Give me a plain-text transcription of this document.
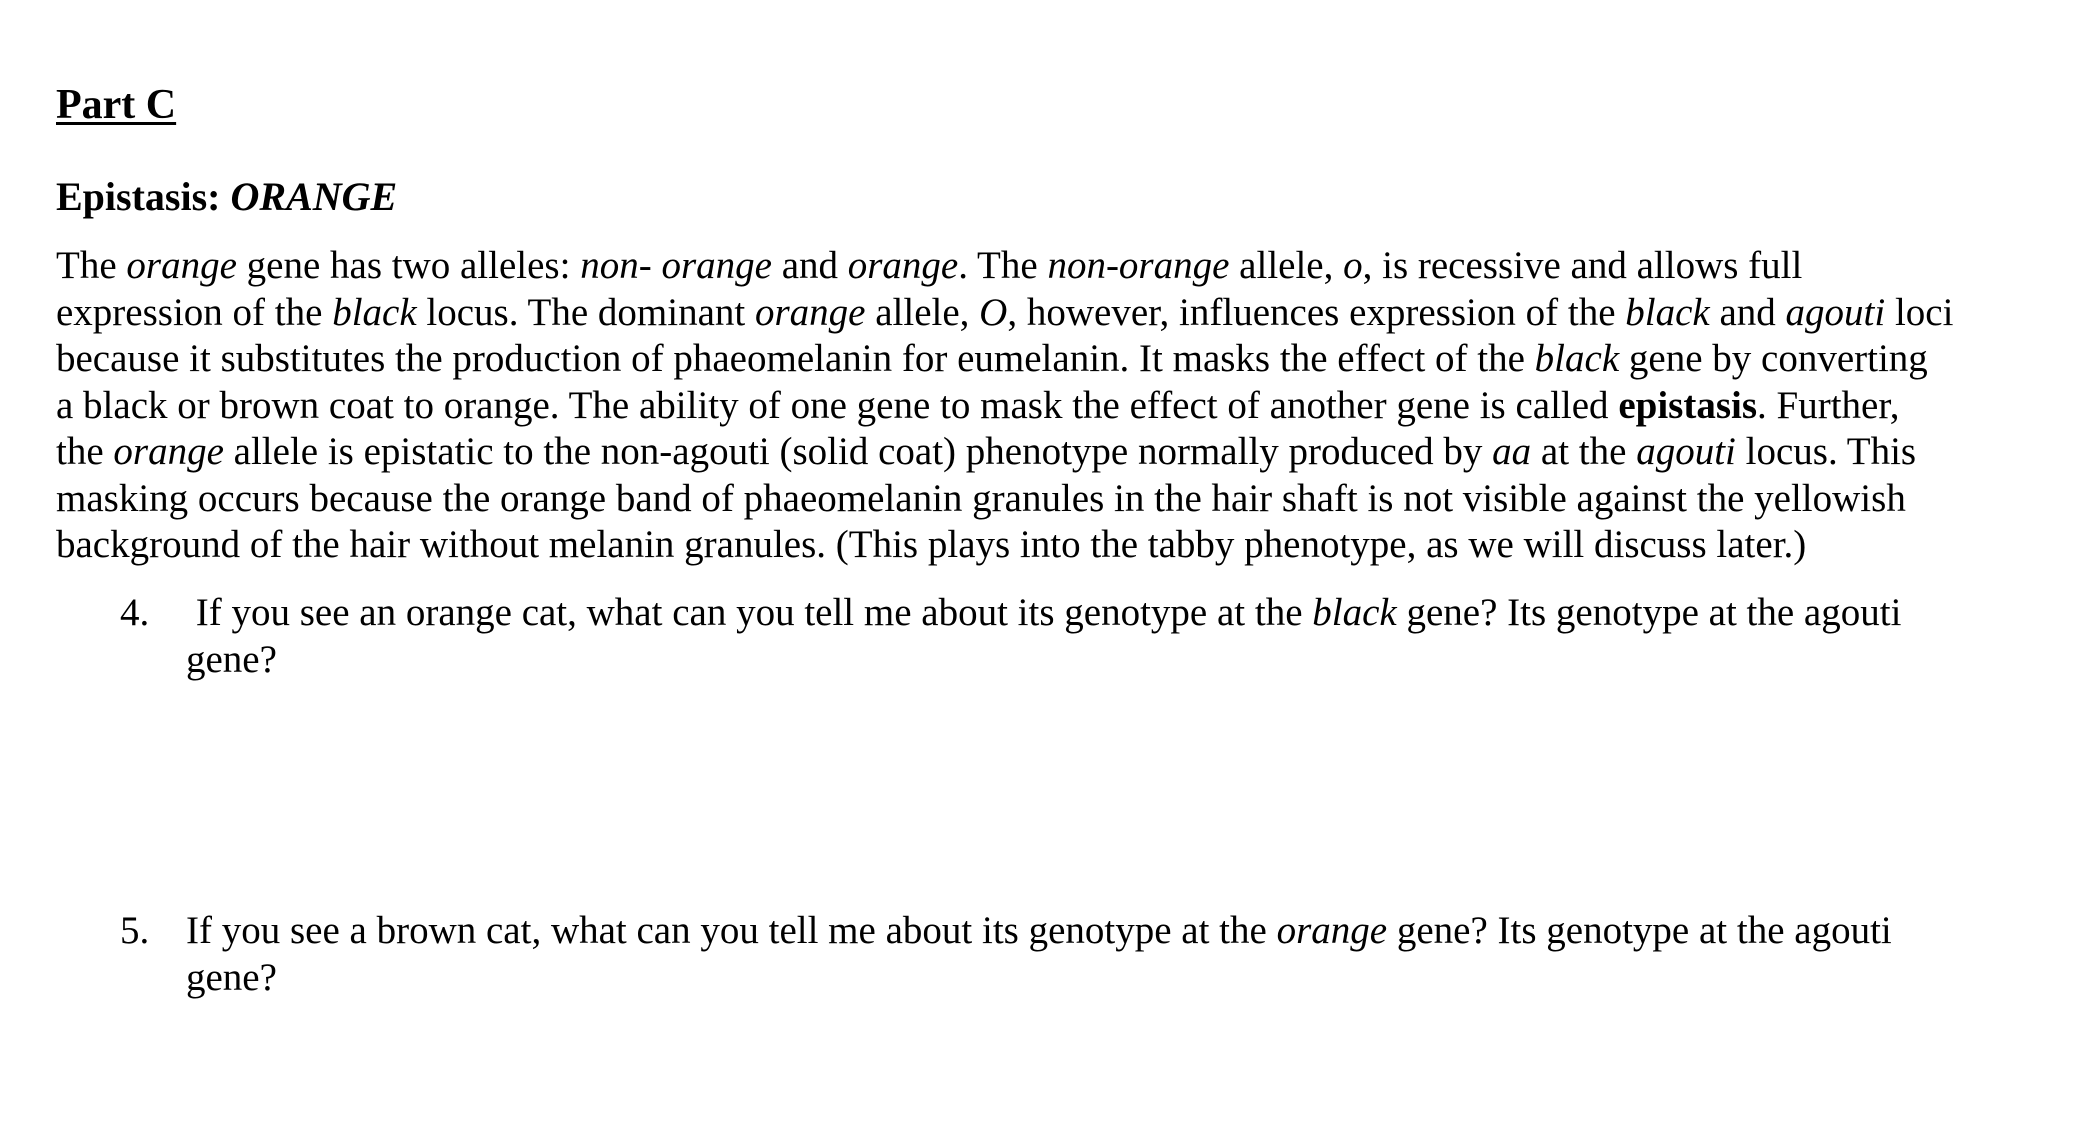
Part C
Epistasis: ORANGE
The orange gene has two alleles: non- orange and orange. The non-orange allele, o, is recessive and allows full
expression of the black locus. The dominant orange allele, O, however, influences expression of the black and agouti loci
because it substitutes the production of phaeomelanin for eumelanin. It masks the effect of the black gene by converting
a black or brown coat to orange. The ability of one gene to mask the effect of another gene is called epistasis. Further,
the orange allele is epistatic to the non-agouti (solid coat) phenotype normally produced by aa at the agouti locus. This
masking occurs because the orange band of phaeomelanin granules in the hair shaft is not visible against the yellowish
background of the hair without melanin granules. (This plays into the tabby phenotype, as we will discuss later.)
4. If you see an orange cat, what can you tell me about its genotype at the black gene? Its genotype at the agouti
gene?
5. If you see a brown cat, what can you tell me about its genotype at the orange gene? Its genotype at the agouti
gene?
